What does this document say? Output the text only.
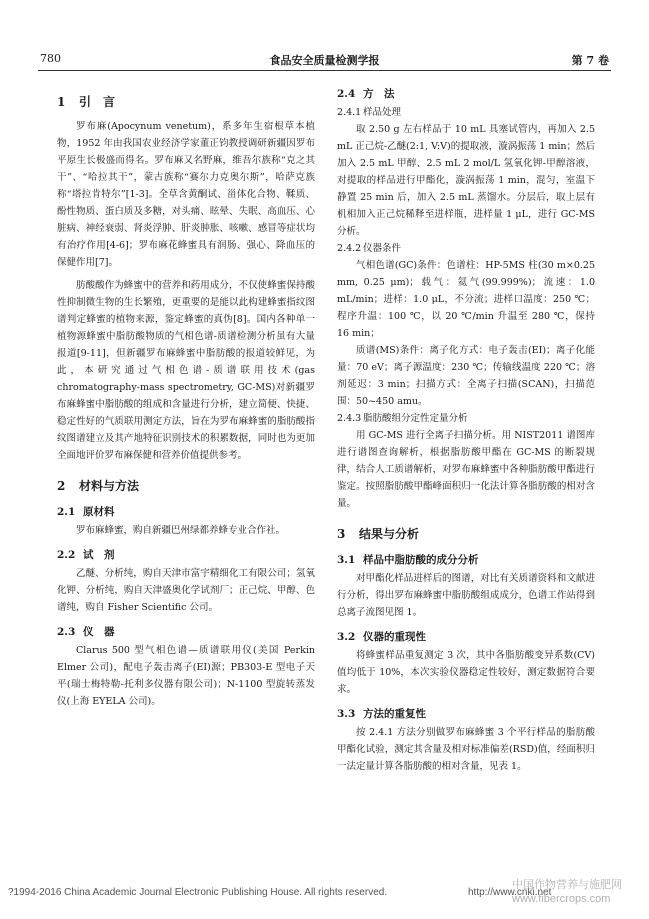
780	食品安全质量检测学报	第 7 卷
1 引　言

罗布麻(Apocynum venetum)，系多年生宿根草本植物，1952 年由我国农业经济学家董正钧教授调研新疆因罗布平原生长极盛而得名。罗布麻又名野麻，维吾尔族称“克之其干”、“哈拉其干”，蒙古族称“赛尔力克奥尔斯”，哈萨克族称“塔拉肯特尔”[1-3]。全草含黄酮试、甾体化合物、鞣质、酚性物质、蛋白质及多糖，对头痛、眩晕、失眠、高血压、心脏病、神经衰弱、肾炎浮肿、肝炎肿胀、咳嗽、感冒等症状均有治疗作用[4-6]；罗布麻花蜂蜜具有润肠、强心、降血压的保健作用[7]。

肪酸酸作为蜂蜜中的营养和药用成分，不仅使蜂蜜保持酸性抑制微生物的生长繁殖，更重要的是能以此构建蜂蜜指纹图谱判定蜂蜜的植物来源，鉴定蜂蜜的真伪[8]。国内各种单一植物源蜂蜜中脂肪酸物质的气相色谱-质谱检测分析虽有大量报道[9-11]，但新疆罗布麻蜂蜜中脂肪酸的报道较鲜见，为此，本研究通过气相色谱-质谱联用技术(gas chromatography-mass spectrometry, GC-MS)对新疆罗布麻蜂蜜中脂肪酸的组成和含量进行分析，建立简便、快捷、稳定性好的气质联用测定方法，旨在为罗布麻蜂蜜的脂肪酸指纹图谱建立及其产地特征识别技术的积累数据，同时也为更加全面地评价罗布麻保健和营养价值提供参考。

2 材料与方法
2.1 原材料

罗布麻蜂蜜，购自新疆巴州绿都养蜂专业合作社。

2.2 试　剂

乙醚、分析纯，购自天津市富宇精细化工有限公司；氢氧化钾、分析纯，购自天津盛奥化学试剂厂；正己烷、甲醇、色谱纯，购自 Fisher Scientific 公司。

2.3 仪　器

Clarus 500 型气相色谱—质谱联用仪(美国 Perkin Elmer 公司)，配电子轰击离子(EI)源；PB303-E 型电子天平(瑞士梅特勒-托利多仪器有限公司)；N-1100 型旋转蒸发仪(上海 EYELA 公司)。

2.4 方　法
2.4.1 样品处理

取 2.50 g 左右样品于 10 mL 具塞试管内，再加入 2.5 mL 正己烷-乙醚(2:1, V:V)的提取液，漩涡振荡 1 min；然后加入 2.5 mL 甲醇、2.5 mL 2 mol/L 氢氧化钾-甲醇溶液，对提取的样品进行甲酯化，漩涡振荡 1 min，混匀，室温下静置 25 min 后，加入 2.5 mL 蒸馏水。分层后，取上层有机相加入正己烷稀释至进样瓶，进样量 1 μL，进行 GC-MS 分析。

2.4.2 仪器条件

气相色谱(GC)条件：色谱柱：HP-5MS 柱(30 m×0.25 mm, 0.25 μm)；载气：氦气(99.999%)；流速：1.0 mL/min；进样：1.0 μL，不分流；进样口温度：250 ℃；程序升温：100 ℃，以 20 ℃/min 升温至 280 ℃，保持 16 min；

质谱(MS)条件：离子化方式：电子轰击(EI)；离子化能量：70 eV；离子源温度：230 ℃；传输线温度 220 ℃；溶剂延迟：3 min；扫描方式：全离子扫描(SCAN)，扫描范围：50~450 amu。

2.4.3 脂肪酸组分定性定量分析

用 GC-MS 进行全离子扫描分析。用 NIST2011 谱图库进行谱图查询解析，根据脂肪酸甲酯在 GC-MS 的断裂规律，结合人工质谱解析，对罗布麻蜂蜜中各种脂肪酸甲酯进行鉴定。按照脂肪酸甲酯峰面积归一化法计算各脂肪酸的相对含量。

3 结果与分析
3.1 样品中脂肪酸的成分分析

对甲酯化样品进样后的图谱，对比有关质谱资料和文献进行分析，得出罗布麻蜂蜜中脂肪酸组成成分，色谱工作站得到总离子流图见图 1。

3.2 仪器的重现性

将蜂蜜样品重复测定 3 次，其中各脂肪酸变异系数(CV)值均低于 10%，本次实验仪器稳定性较好，测定数据符合要求。

3.3 方法的重复性

按 2.4.1 方法分别做罗布麻蜂蜜 3 个平行样品的脂肪酸甲酯化试验，测定其含量及相对标准偏差(RSD)值，经面积归一法定量计算各脂肪酸的相对含量，见表 1。

?1994-2016 China Academic Journal Electronic Publishing House. All rights reserved.	http://www.cnki.net
中国作物营养与施肥网
www.fibercrops.com
